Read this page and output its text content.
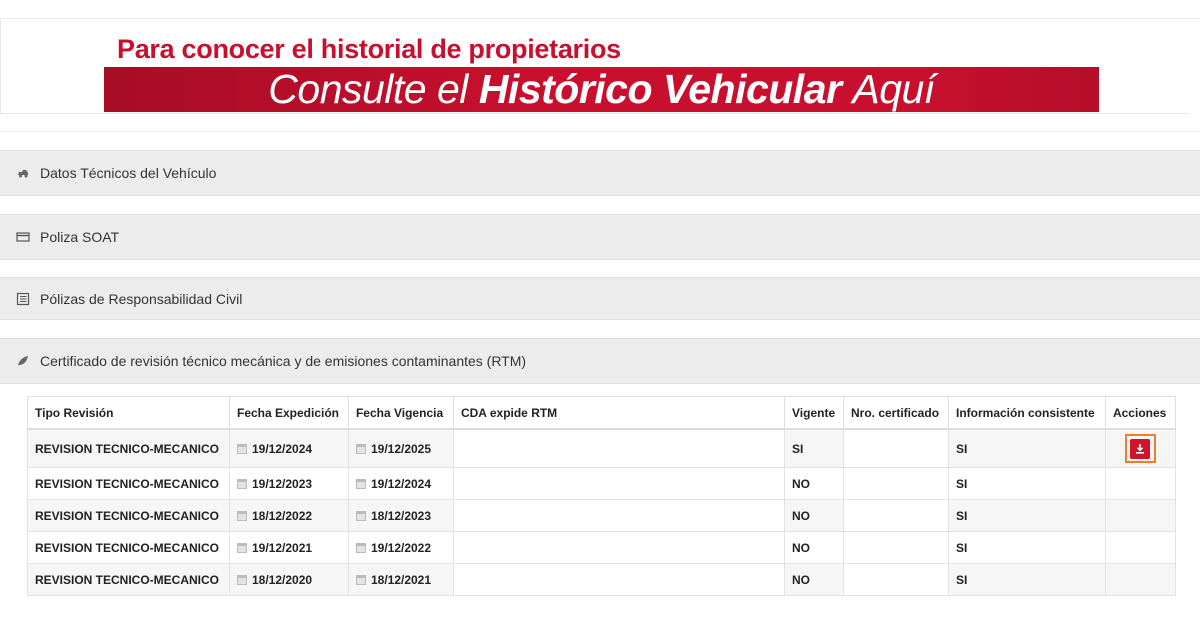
Para conocer el historial de propietarios
Consulte el
Histórico Vehicular
Aquí
Datos Técnicos del Vehículo
Poliza SOAT
Pólizas de Responsabilidad Civil
Certificado de revisión técnico mecánica y de emisiones contaminantes (RTM)
Tipo Revisión	Fecha Expedición	Fecha Vigencia	CDA expide RTM	Vigente	Nro. certificado	Información consistente	Acciones
REVISION TECNICO-MECANICO	19/12/2024	19/12/2025		SI		SI	

REVISION TECNICO-MECANICO	19/12/2023	19/12/2024		NO		SI	
REVISION TECNICO-MECANICO	18/12/2022	18/12/2023		NO		SI	
REVISION TECNICO-MECANICO	19/12/2021	19/12/2022		NO		SI	
REVISION TECNICO-MECANICO	18/12/2020	18/12/2021		NO		SI	
